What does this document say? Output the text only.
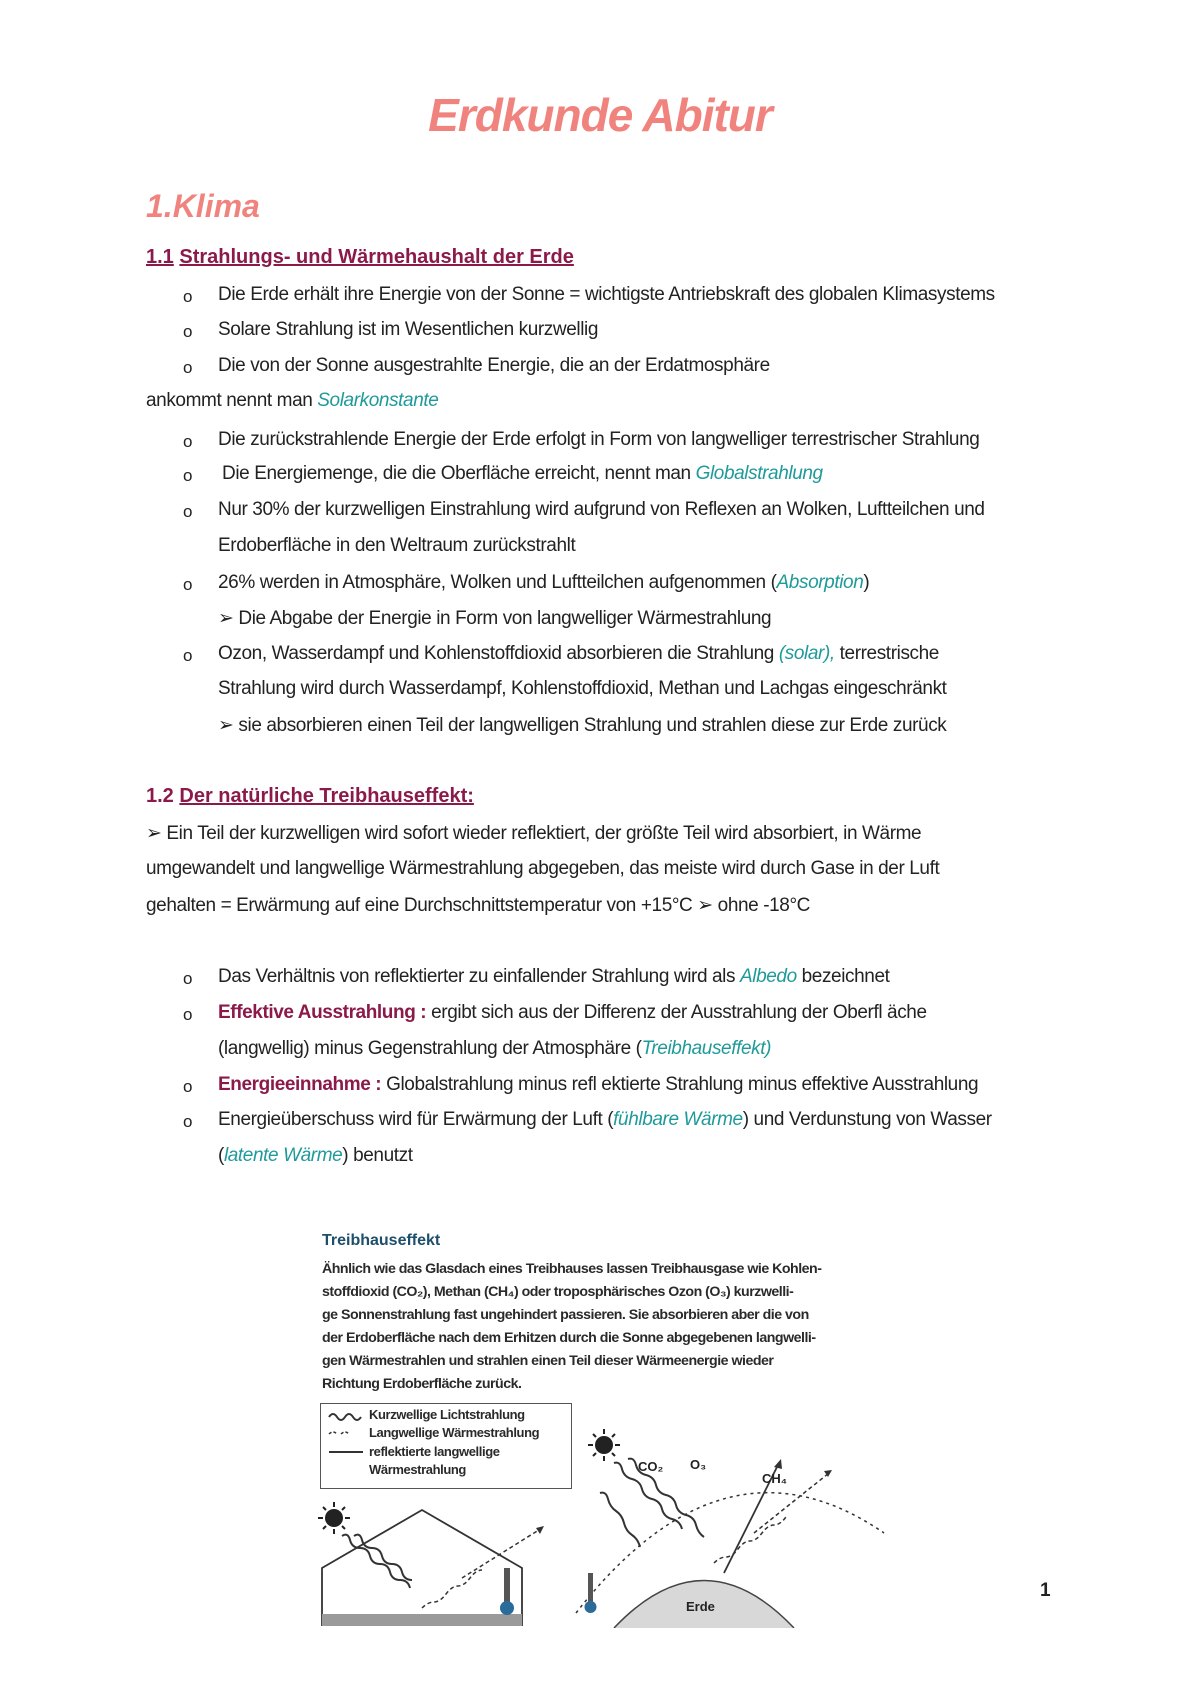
Erdkunde Abitur
1.Klima
1.1 Strahlungs- und Wärmehaushalt der Erde
o Die Erde erhält ihre Energie von der Sonne = wichtigste Antriebskraft des globalen Klimasystems
o Solare Strahlung ist im Wesentlichen kurzwellig
o Die von der Sonne ausgestrahlte Energie, die an der Erdatmosphäre
ankommt nennt man Solarkonstante
o Die zurückstrahlende Energie der Erde erfolgt in Form von langwelliger terrestrischer Strahlung
o Die Energiemenge, die die Oberfläche erreicht, nennt man Globalstrahlung
o Nur 30% der kurzwelligen Einstrahlung wird aufgrund von Reflexen an Wolken, Luftteilchen und
Erdoberfläche in den Weltraum zurückstrahlt
o 26% werden in Atmosphäre, Wolken und Luftteilchen aufgenommen (Absorption)
➢ Die Abgabe der Energie in Form von langwelliger Wärmestrahlung
o Ozon, Wasserdampf und Kohlenstoffdioxid absorbieren die Strahlung (solar), terrestrische
Strahlung wird durch Wasserdampf, Kohlenstoffdioxid, Methan und Lachgas eingeschränkt
➢ sie absorbieren einen Teil der langwelligen Strahlung und strahlen diese zur Erde zurück
1.2 Der natürliche Treibhauseffekt:
➢ Ein Teil der kurzwelligen wird sofort wieder reflektiert, der größte Teil wird absorbiert, in Wärme
umgewandelt und langwellige Wärmestrahlung abgegeben, das meiste wird durch Gase in der Luft
gehalten = Erwärmung auf eine Durchschnittstemperatur von +15°C ➢ ohne -18°C
o Das Verhältnis von reflektierter zu einfallender Strahlung wird als Albedo bezeichnet
o Effektive Ausstrahlung : ergibt sich aus der Differenz der Ausstrahlung der Oberfl äche
(langwellig) minus Gegenstrahlung der Atmosphäre (Treibhauseffekt)
o Energieeinnahme : Globalstrahlung minus refl ektierte Strahlung minus effektive Ausstrahlung
o Energieüberschuss wird für Erwärmung der Luft (fühlbare Wärme) und Verdunstung von Wasser
(latente Wärme) benutzt
Treibhauseffekt
Ähnlich wie das Glasdach eines Treibhauses lassen Treibhausgase wie Kohlen-
stoffdioxid (CO₂), Methan (CH₄) oder troposphärisches Ozon (O₃) kurzwelli-
ge Sonnenstrahlung fast ungehindert passieren. Sie absorbieren aber die von
der Erdoberfläche nach dem Erhitzen durch die Sonne abgegebenen langwelli-
gen Wärmestrahlen und strahlen einen Teil dieser Wärmeenergie wieder
Richtung Erdoberfläche zurück.
Kurzwellige Lichtstrahlung
Langwellige Wärmestrahlung
reflektierte langwellige
Wärmestrahlung	CO₂ O₃
CH₄
Erde
1
